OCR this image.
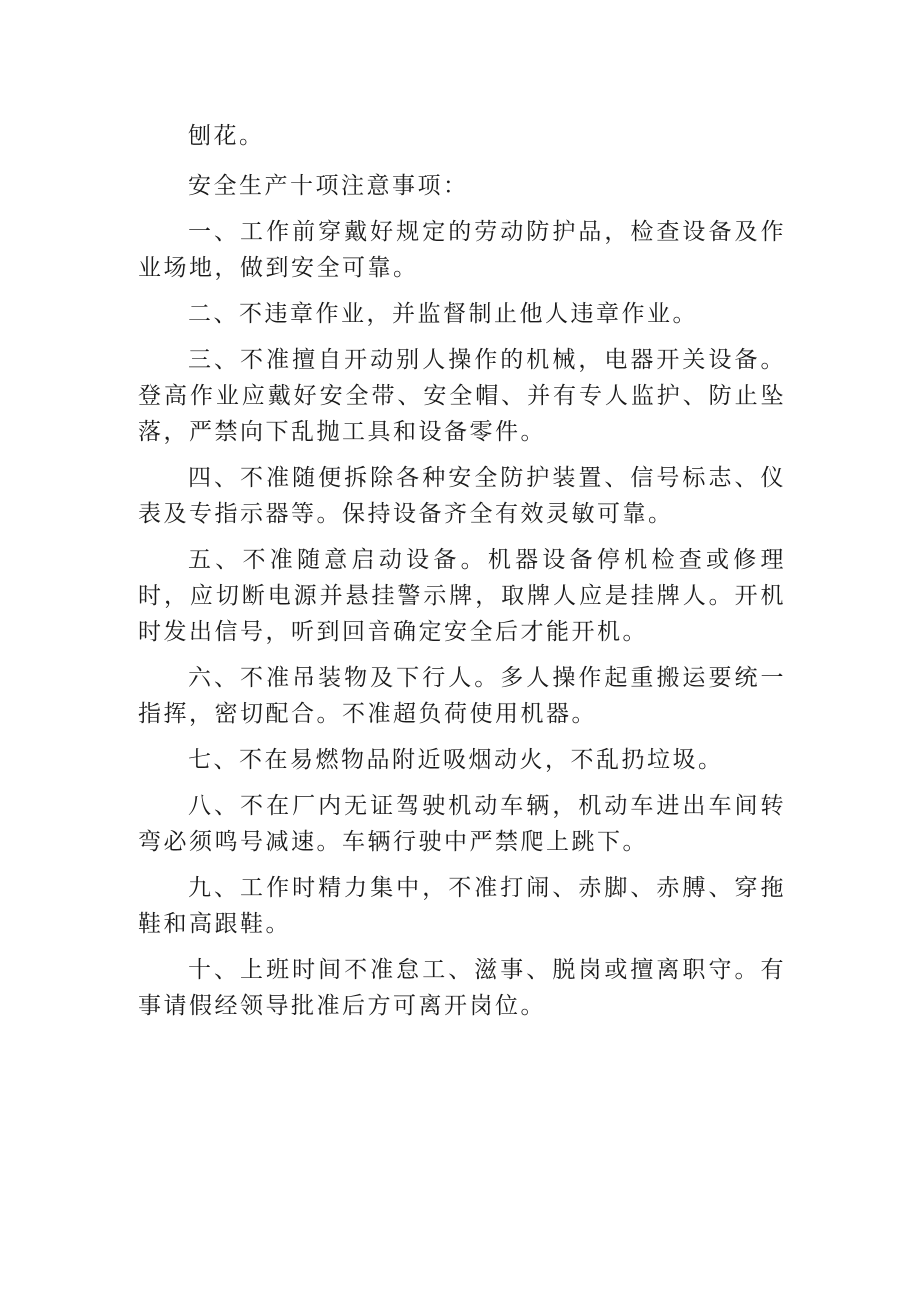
刨花。

安全生产十项注意事项：

一、工作前穿戴好规定的劳动防护品，检查设备及作业场地，做到安全可靠。

二、不违章作业，并监督制止他人违章作业。

三、不准擅自开动别人操作的机械，电器开关设备。登高作业应戴好安全带、安全帽、并有专人监护、防止坠落，严禁向下乱抛工具和设备零件。

四、不准随便拆除各种安全防护装置、信号标志、仪表及专指示器等。保持设备齐全有效灵敏可靠。

五、不准随意启动设备。机器设备停机检查或修理时，应切断电源并悬挂警示牌，取牌人应是挂牌人。开机时发出信号，听到回音确定安全后才能开机。

六、不准吊装物及下行人。多人操作起重搬运要统一指挥，密切配合。不准超负荷使用机器。

七、不在易燃物品附近吸烟动火，不乱扔垃圾。

八、不在厂内无证驾驶机动车辆，机动车进出车间转弯必须鸣号减速。车辆行驶中严禁爬上跳下。

九、工作时精力集中，不准打闹、赤脚、赤膊、穿拖鞋和高跟鞋。

十、上班时间不准怠工、滋事、脱岗或擅离职守。有事请假经领导批准后方可离开岗位。
